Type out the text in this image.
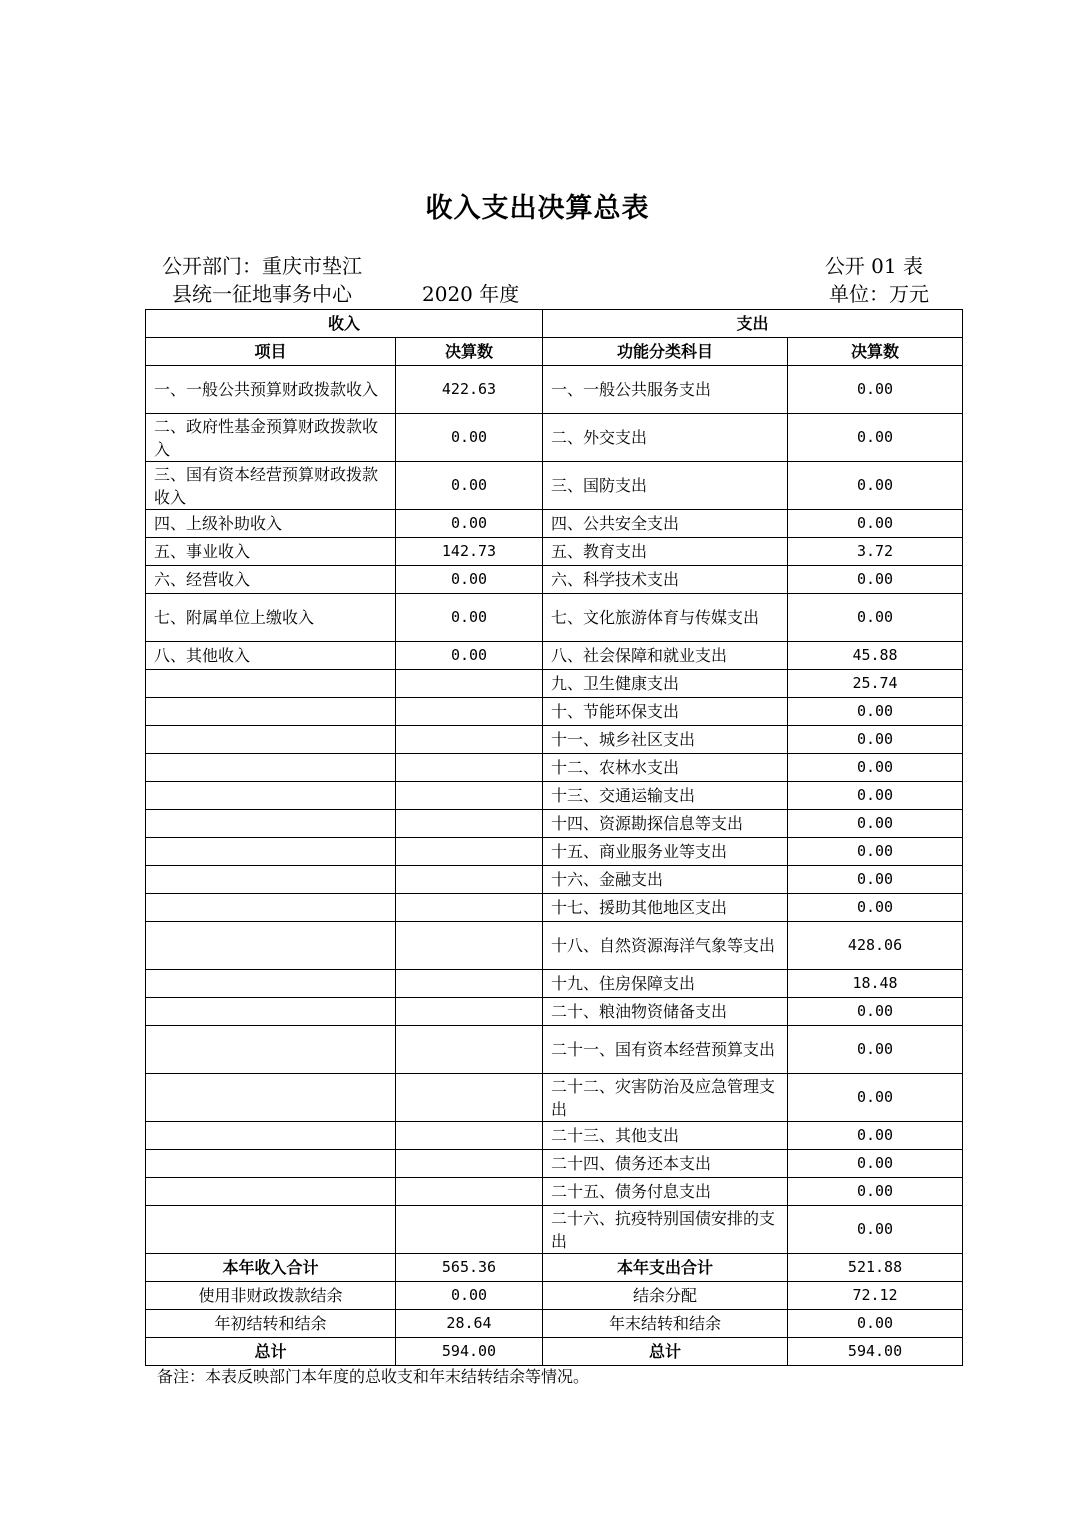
收入支出决算总表
公开部门：重庆市垫江
县统一征地事务中心	2020 年度
公开 01 表
单位：万元
收入		支出	
项目	决算数	功能分类科目	决算数
一、一般公共预算财政拨款收入	422.63	一、一般公共服务支出	0.00
二、政府性基金预算财政拨款收入	0.00	二、外交支出	0.00
三、国有资本经营预算财政拨款收入	0.00	三、国防支出	0.00
四、上级补助收入	0.00	四、公共安全支出	0.00
五、事业收入	142.73	五、教育支出	3.72
六、经营收入	0.00	六、科学技术支出	0.00
七、附属单位上缴收入	0.00	七、文化旅游体育与传媒支出	0.00
八、其他收入	0.00	八、社会保障和就业支出	45.88
		九、卫生健康支出	25.74
		十、节能环保支出	0.00
		十一、城乡社区支出	0.00
		十二、农林水支出	0.00
		十三、交通运输支出	0.00
		十四、资源勘探信息等支出	0.00
		十五、商业服务业等支出	0.00
		十六、金融支出	0.00
		十七、援助其他地区支出	0.00
		十八、自然资源海洋气象等支出	428.06
		十九、住房保障支出	18.48
		二十、粮油物资储备支出	0.00
		二十一、国有资本经营预算支出	0.00
		二十二、灾害防治及应急管理支出	0.00
		二十三、其他支出	0.00
		二十四、债务还本支出	0.00
		二十五、债务付息支出	0.00
		二十六、抗疫特别国债安排的支出	0.00
本年收入合计	565.36	本年支出合计	521.88
使用非财政拨款结余	0.00	结余分配	72.12
年初结转和结余	28.64	年末结转和结余	0.00
总计	594.00	总计	594.00
备注：本表反映部门本年度的总收支和年末结转结余等情况。
